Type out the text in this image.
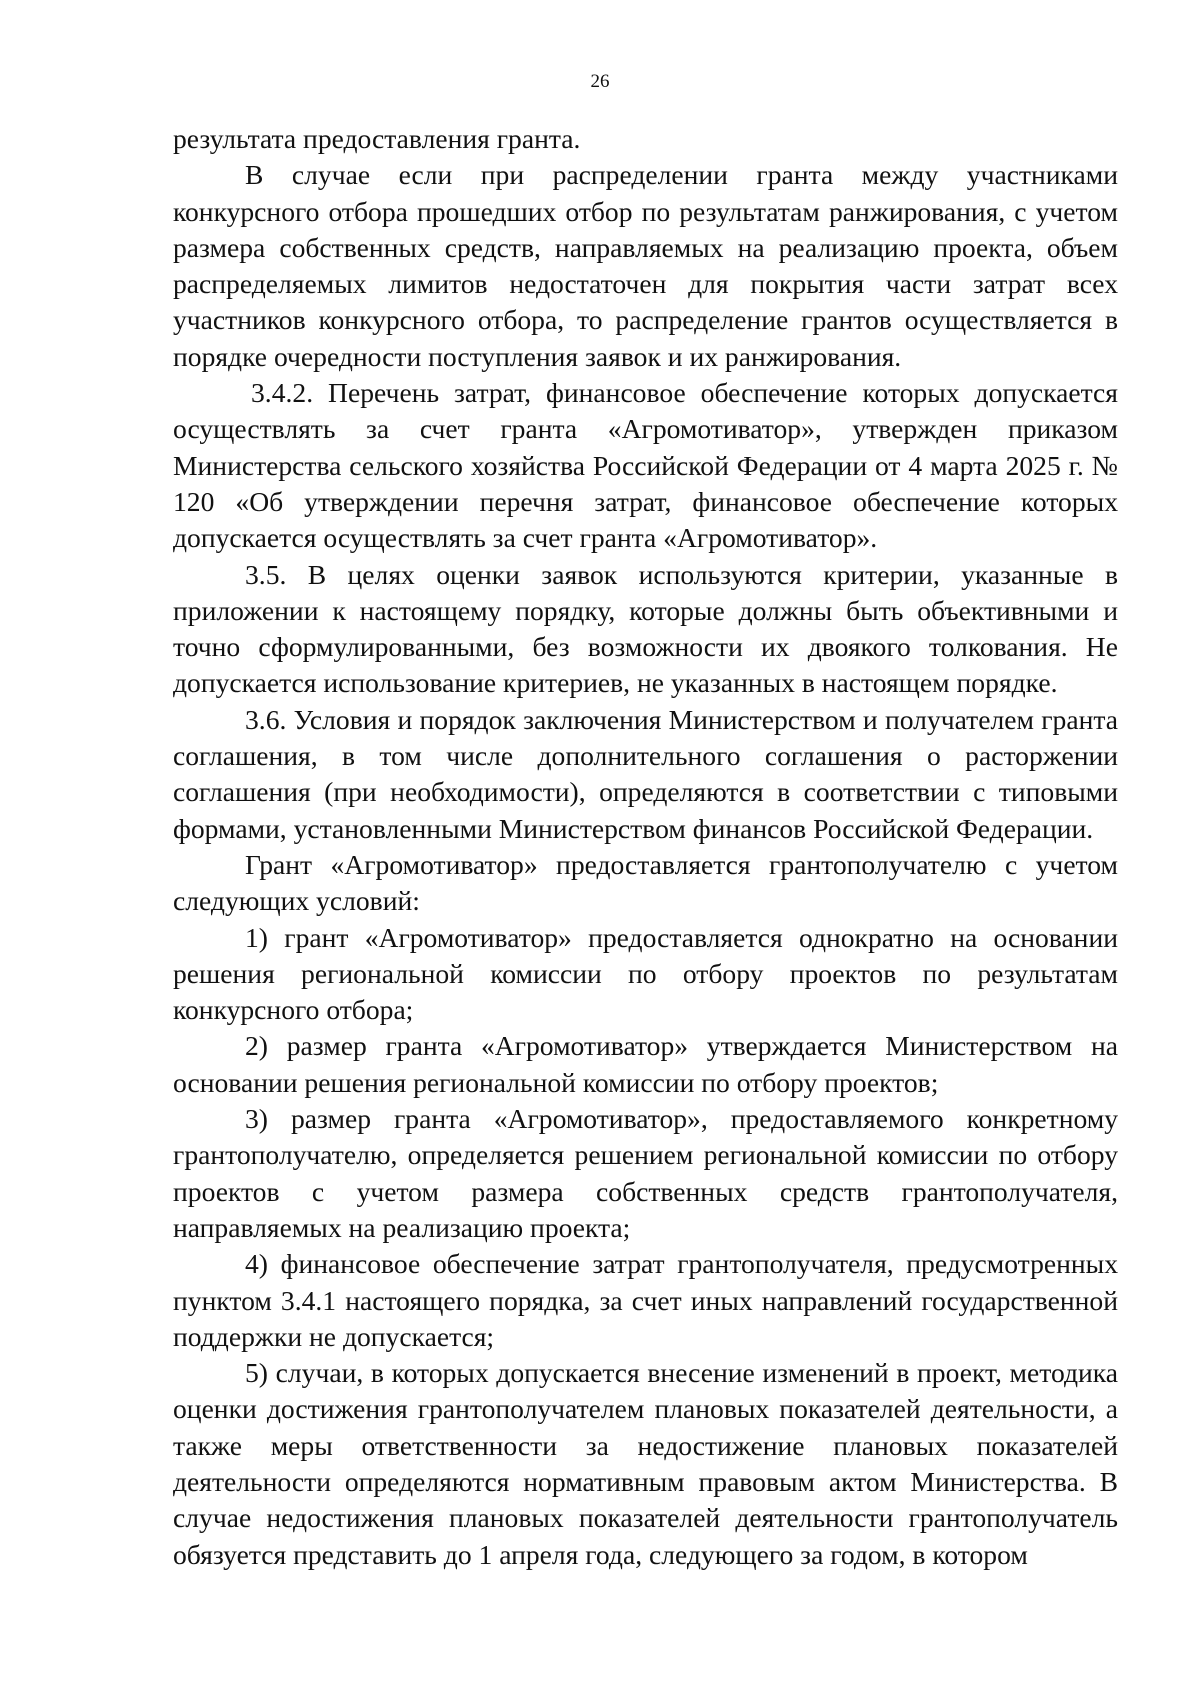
26

результата предоставления гранта.

В случае если при распределении гранта между участниками конкурсного отбора прошедших отбор по результатам ранжирования, с учетом размера собственных средств, направляемых на реализацию проекта, объем распределяемых лимитов недостаточен для покрытия части затрат всех участников конкурсного отбора, то распределение грантов осуществляется в порядке очередности поступления заявок и их ранжирования.

3.4.2. Перечень затрат, финансовое обеспечение которых допускается осуществлять за счет гранта «Агромотиватор», утвержден приказом Министерства сельского хозяйства Российской Федерации от 4 марта 2025 г. № 120 «Об утверждении перечня затрат, финансовое обеспечение которых допускается осуществлять за счет гранта «Агромотиватор».

3.5. В целях оценки заявок используются критерии, указанные в приложении к настоящему порядку, которые должны быть объективными и точно сформулированными, без возможности их двоякого толкования. Не допускается использование критериев, не указанных в настоящем порядке.

3.6. Условия и порядок заключения Министерством и получателем гранта соглашения, в том числе дополнительного соглашения о расторжении соглашения (при необходимости), определяются в соответствии с типовыми формами, установленными Министерством финансов Российской Федерации.

Грант «Агромотиватор» предоставляется грантополучателю с учетом следующих условий:

1) грант «Агромотиватор» предоставляется однократно на основании решения региональной комиссии по отбору проектов по результатам конкурсного отбора;

2) размер гранта «Агромотиватор» утверждается Министерством на основании решения региональной комиссии по отбору проектов;

3) размер гранта «Агромотиватор», предоставляемого конкретному грантополучателю, определяется решением региональной комиссии по отбору проектов с учетом размера собственных средств грантополучателя, направляемых на реализацию проекта;

4) финансовое обеспечение затрат грантополучателя, предусмотренных пунктом 3.4.1 настоящего порядка, за счет иных направлений государственной поддержки не допускается;

5) случаи, в которых допускается внесение изменений в проект, методика оценки достижения грантополучателем плановых показателей деятельности, а также меры ответственности за недостижение плановых показателей деятельности определяются нормативным правовым актом Министерства. В случае недостижения плановых показателей деятельности грантополучатель обязуется представить до 1 апреля года, следующего за годом, в котором
